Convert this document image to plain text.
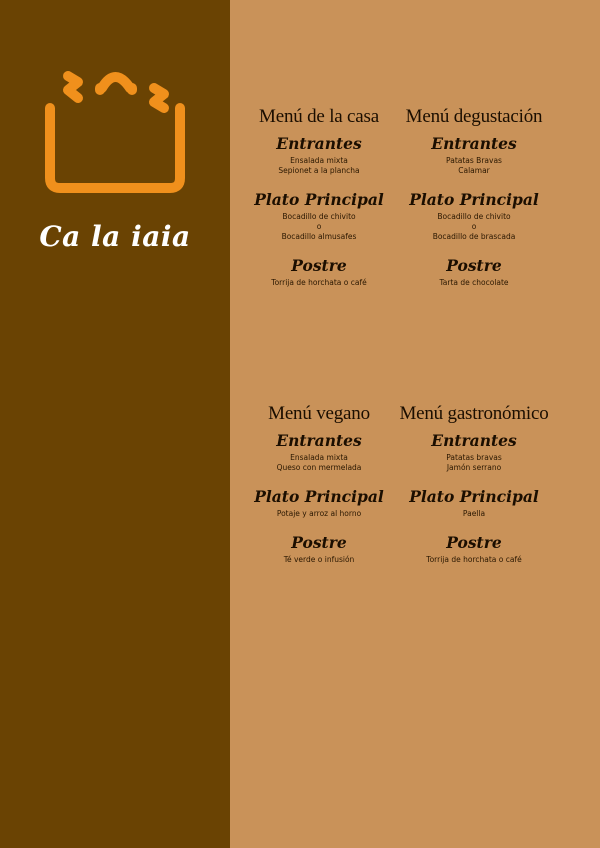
Ca la iaia
Menú de la casa
Entrantes
Ensalada mixta
Sepionet a la plancha
Plato Principal
Bocadillo de chivito
o
Bocadillo almusafes
Postre
Torrija de horchata o café
Menú degustación
Entrantes
Patatas Bravas
Calamar
Plato Principal
Bocadillo de chivito
o
Bocadillo de brascada
Postre
Tarta de chocolate
Menú vegano
Entrantes
Ensalada mixta
Queso con mermelada
Plato Principal
Potaje y arroz al horno
Postre
Té verde o infusión
Menú gastronómico
Entrantes
Patatas bravas
Jamón serrano
Plato Principal
Paella
Postre
Torrija de horchata o café
